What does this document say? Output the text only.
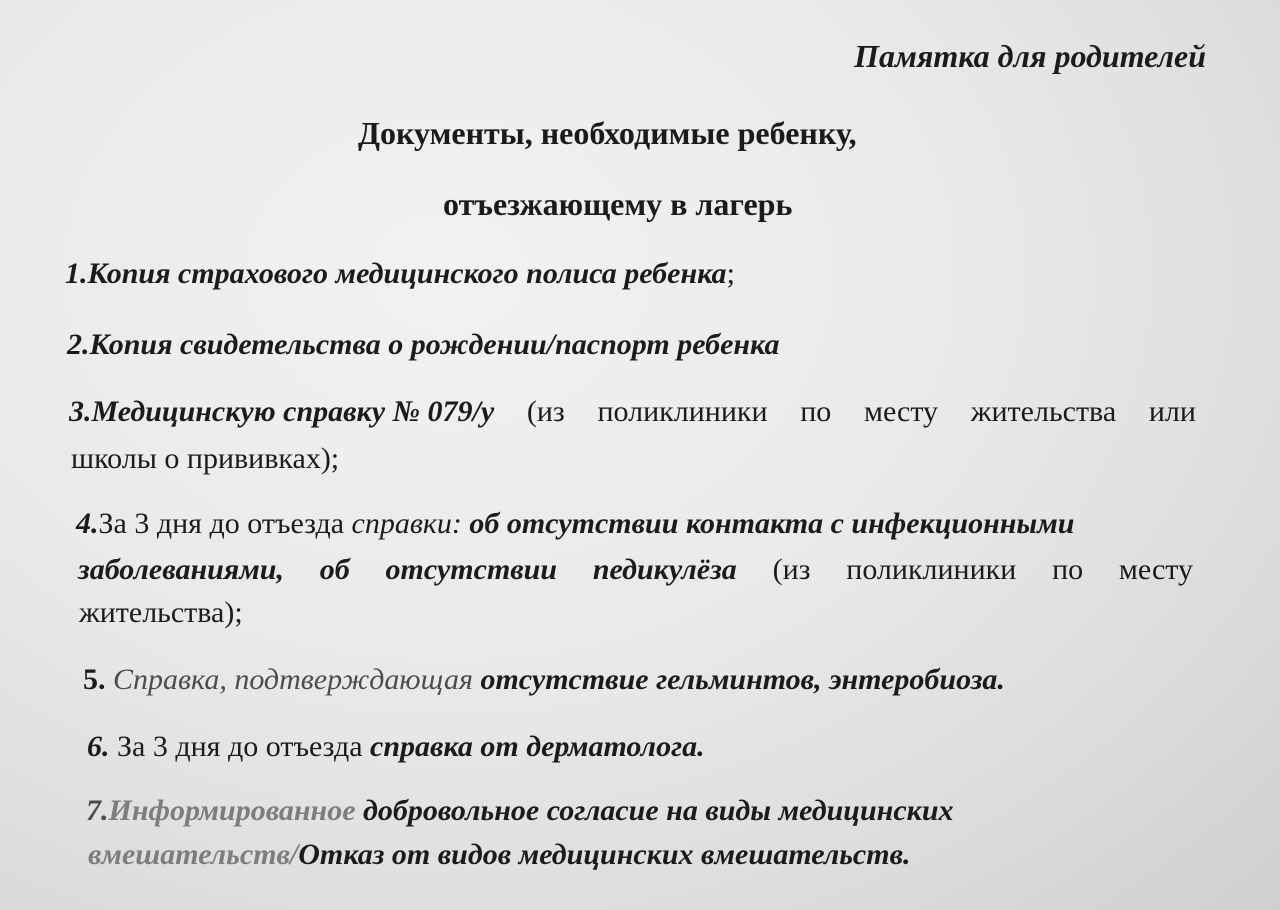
Памятка для родителей
Документы, необходимые ребенку,
отъезжающему в лагерь
1.Копия страхового медицинского полиса ребенка;
2.Копия свидетельства о рождении/паспорт ребенка
3.Медицинскую справку № 079/у (из поликлиники по месту жительства или
школы о прививках);
4.За 3 дня до отъезда справки: об отсутствии контакта с инфекционными
заболеваниями, об отсутствии педикулёза (из поликлиники по месту
жительства);
5. Справка, подтверждающая отсутствие гельминтов, энтеробиоза.
6. За 3 дня до отъезда справка от дерматолога.
7.Информированное добровольное согласие на виды медицинских
вмешательств/Отказ от видов медицинских вмешательств.
